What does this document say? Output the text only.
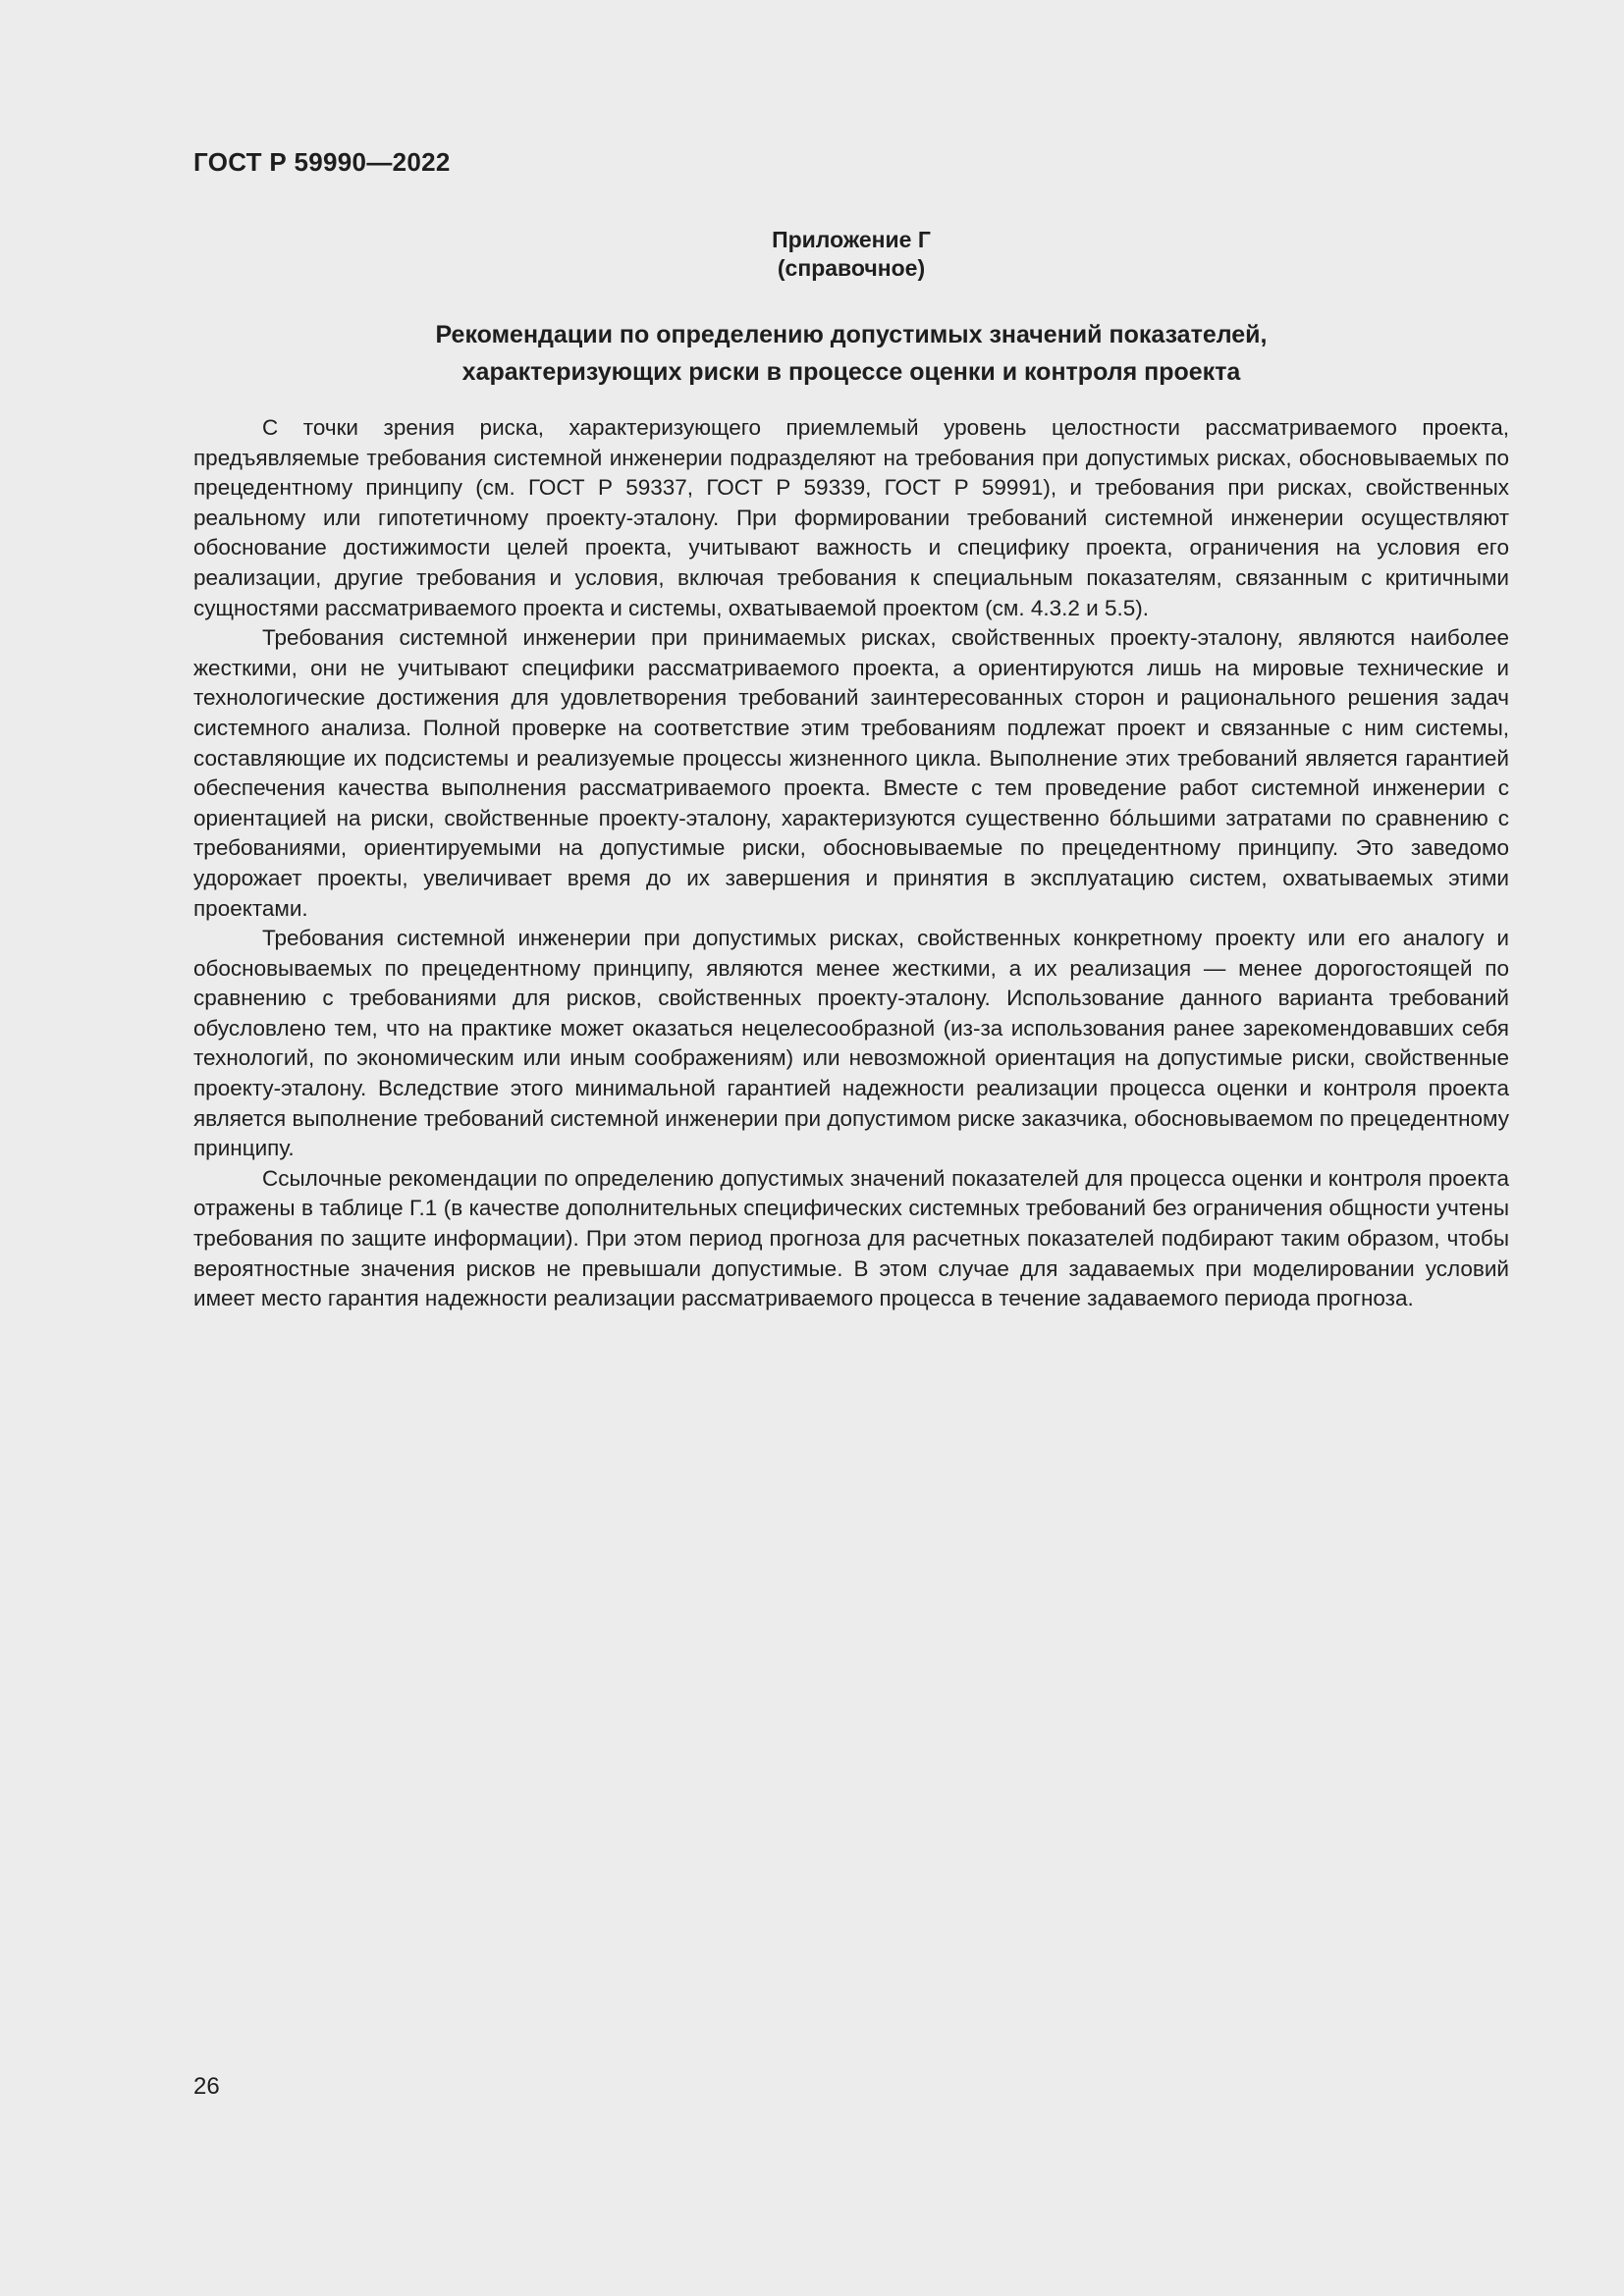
ГОСТ Р 59990—2022
Приложение Г
(справочное)
Рекомендации по определению допустимых значений показателей,
характеризующих риски в процессе оценки и контроля проекта

С точки зрения риска, характеризующего приемлемый уровень целостности рассматриваемого проекта, предъявляемые требования системной инженерии подразделяют на требования при допустимых рисках, обосновываемых по прецедентному принципу (см. ГОСТ Р 59337, ГОСТ Р 59339, ГОСТ Р 59991), и требования при рисках, свойственных реальному или гипотетичному проекту-эталону. При формировании требований системной инженерии осуществляют обоснование достижимости целей проекта, учитывают важность и специфику проекта, ограничения на условия его реализации, другие требования и условия, включая требования к специальным показателям, связанным с критичными сущностями рассматриваемого проекта и системы, охватываемой проектом (см. 4.3.2 и 5.5).

Требования системной инженерии при принимаемых рисках, свойственных проекту-эталону, являются наиболее жесткими, они не учитывают специфики рассматриваемого проекта, а ориентируются лишь на мировые технические и технологические достижения для удовлетворения требований заинтересованных сторон и рационального решения задач системного анализа. Полной проверке на соответствие этим требованиям подлежат проект и связанные с ним системы, составляющие их подсистемы и реализуемые процессы жизненного цикла. Выполнение этих требований является гарантией обеспечения качества выполнения рассматриваемого проекта. Вместе с тем проведение работ системной инженерии с ориентацией на риски, свойственные проекту-эталону, характеризуются существенно бóльшими затратами по сравнению с требованиями, ориентируемыми на допустимые риски, обосновываемые по прецедентному принципу. Это заведомо удорожает проекты, увеличивает время до их завершения и принятия в эксплуатацию систем, охватываемых этими проектами.

Требования системной инженерии при допустимых рисках, свойственных конкретному проекту или его аналогу и обосновываемых по прецедентному принципу, являются менее жесткими, а их реализация — менее дорогостоящей по сравнению с требованиями для рисков, свойственных проекту-эталону. Использование данного варианта требований обусловлено тем, что на практике может оказаться нецелесообразной (из-за использования ранее зарекомендовавших себя технологий, по экономическим или иным соображениям) или невозможной ориентация на допустимые риски, свойственные проекту-эталону. Вследствие этого минимальной гарантией надежности реализации процесса оценки и контроля проекта является выполнение требований системной инженерии при допустимом риске заказчика, обосновываемом по прецедентному принципу.

Ссылочные рекомендации по определению допустимых значений показателей для процесса оценки и контроля проекта отражены в таблице Г.1 (в качестве дополнительных специфических системных требований без ограничения общности учтены требования по защите информации). При этом период прогноза для расчетных показателей подбирают таким образом, чтобы вероятностные значения рисков не превышали допустимые. В этом случае для задаваемых при моделировании условий имеет место гарантия надежности реализации рассматриваемого процесса в течение задаваемого периода прогноза.

26
